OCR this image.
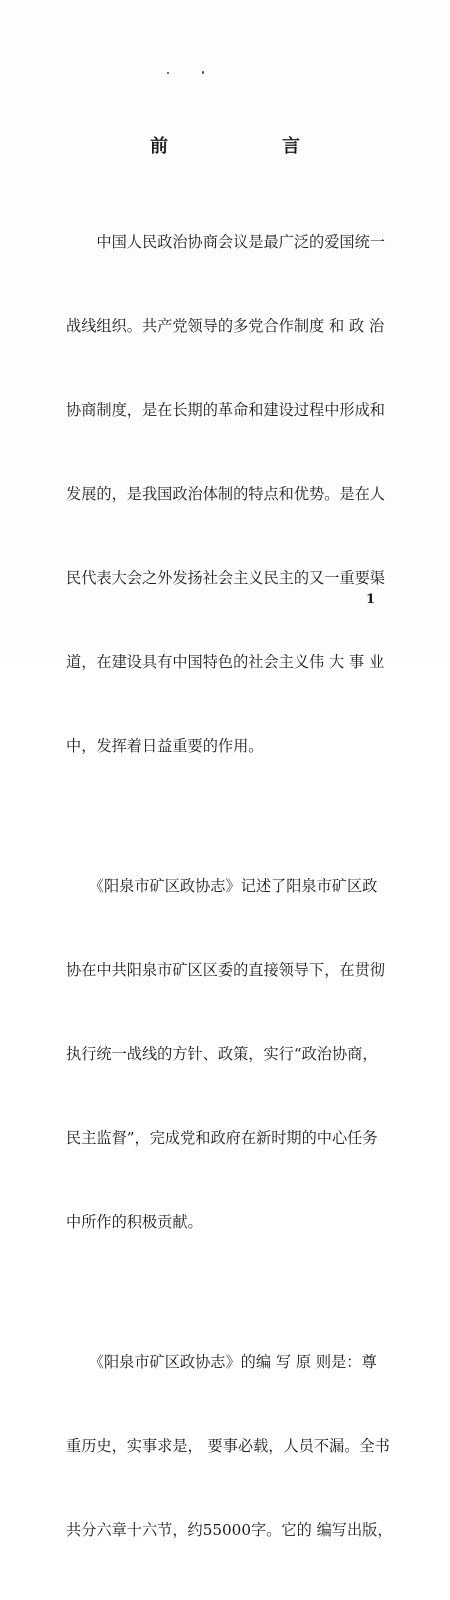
前　言

　　中国人民政治协商会议是最广泛的爱国统一

战线组织。共产党领导的多党合作制度 和 政 治

协商制度，是在长期的革命和建设过程中形成和

发展的，是我国政治体制的特点和优势。是在人

民代表大会之外发扬社会主义民主的又一重要渠

道，在建设具有中国特色的社会主义伟 大 事 业

中，发挥着日益重要的作用。

　　《阳泉市矿区政协志》记述了阳泉市矿区政

协在中共阳泉市矿区区委的直接领导下，在贯彻

执行统一战线的方针、政策，实行“政治协商，

民主监督”，完成党和政府在新时期的中心任务

中所作的积极贡献。

　　《阳泉市矿区政协志》的编 写 原 则是：尊

重历史，实事求是， 要事必载，人员不漏。全书

共分六章十六节，约55000字。它的 编写出版，

1
